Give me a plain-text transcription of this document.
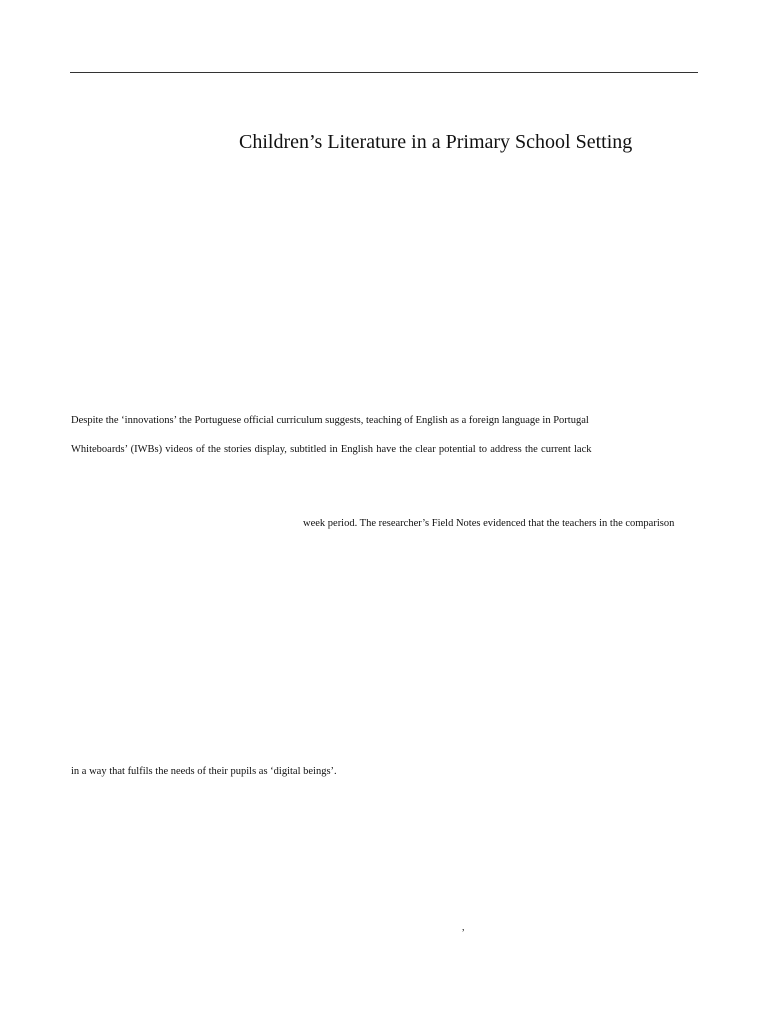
Children’s Literature in a Primary School Setting
Despite the ‘innovations’ the Portuguese official curriculum suggests, teaching of English as a foreign language in Portugal
Whiteboards’ (IWBs) videos of the stories display, subtitled in English have the clear potential to address the current lack
week period. The researcher’s Field Notes evidenced that the teachers in the comparison
in a way that fulfils the needs of their pupils as ‘digital beings’.
,
